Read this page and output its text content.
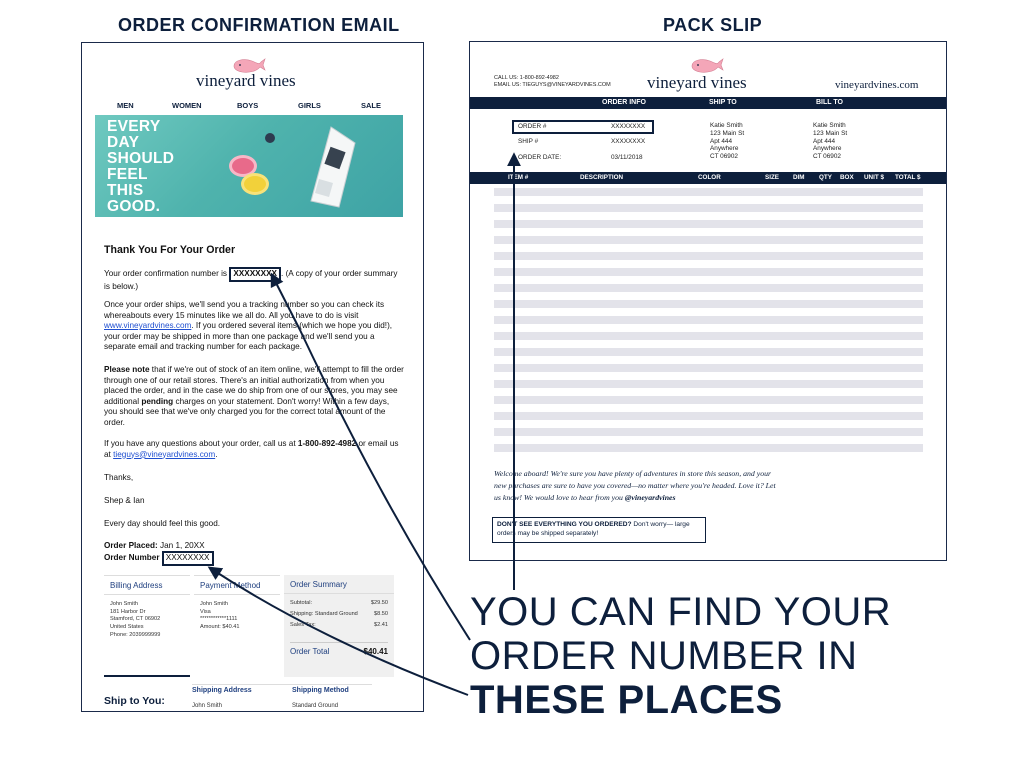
ORDER CONFIRMATION EMAIL	PACK SLIP
vineyard vines
MEN	WOMEN	BOYS	GIRLS	SALE
EVERY
DAY
SHOULD
FEEL
THIS
GOOD.
Thank You For Your Order
Your order confirmation number is XXXXXXXX . (A copy of your order summary is below.)
Once your order ships, we'll send you a tracking number so you can check its whereabouts every 15 minutes like we all do. All you have to do is visit www.vineyardvines.com. If you ordered several items (which we hope you did!), your order may be shipped in more than one package and we'll send you a separate email and tracking number for each package.
Please note that if we're out of stock of an item online, we'll attempt to fill the order through one of our retail stores. There's an initial authorization from when you placed the order, and in the case we do ship from one of our stores, you may see additional pending charges on your statement. Don't worry! Within a few days, you should see that we've only charged you for the correct total amount of the order.
If you have any questions about your order, call us at 1-800-892-4982 or email us at tieguys@vineyardvines.com.
Thanks,
Shep & Ian
Every day should feel this good.
Order Placed: Jan 1, 20XX
Order Number XXXXXXXX
Billing Address
John Smith
181 Harbor Dr
Stamford, CT 06902
United States
Phone: 2039999999
Payment Method
John Smith
Visa
************1111
Amount: $40.41
Order Summary
Subtotal:	$29.50
Shipping: Standard Ground	$8.50
Sales Tax:	$2.41
Order Total	$40.41
Ship to You:
Shipping Address
John Smith
Shipping Method
Standard Ground
CALL US: 1-800-892-4982
EMAIL US: TIEGUYS@VINEYARDVINES.COM vineyard vines	vineyardvines.com
ORDER INFO	SHIP TO	BILL TO
ORDER #	XXXXXXXX
SHIP #	XXXXXXXX
ORDER DATE:	03/11/2018
Katie Smith
123 Main St
Apt 444
Anywhere
CT 06902
Katie Smith
123 Main St
Apt 444
Anywhere
CT 06902
ITEM #	DESCRIPTION	COLOR	SIZE DIM QTY BOX UNIT $ TOTAL $
Welcome aboard! We're sure you have plenty of adventures in store this season, and your new purchases are sure to have you covered—no matter where you're headed. Love it? Let us know! We would love to hear from you @vineyardvines
DON'T SEE EVERYTHING YOU ORDERED? Don't worry— large orders may be shipped separately!
YOU CAN FIND YOUR
ORDER NUMBER IN
THESE PLACES
